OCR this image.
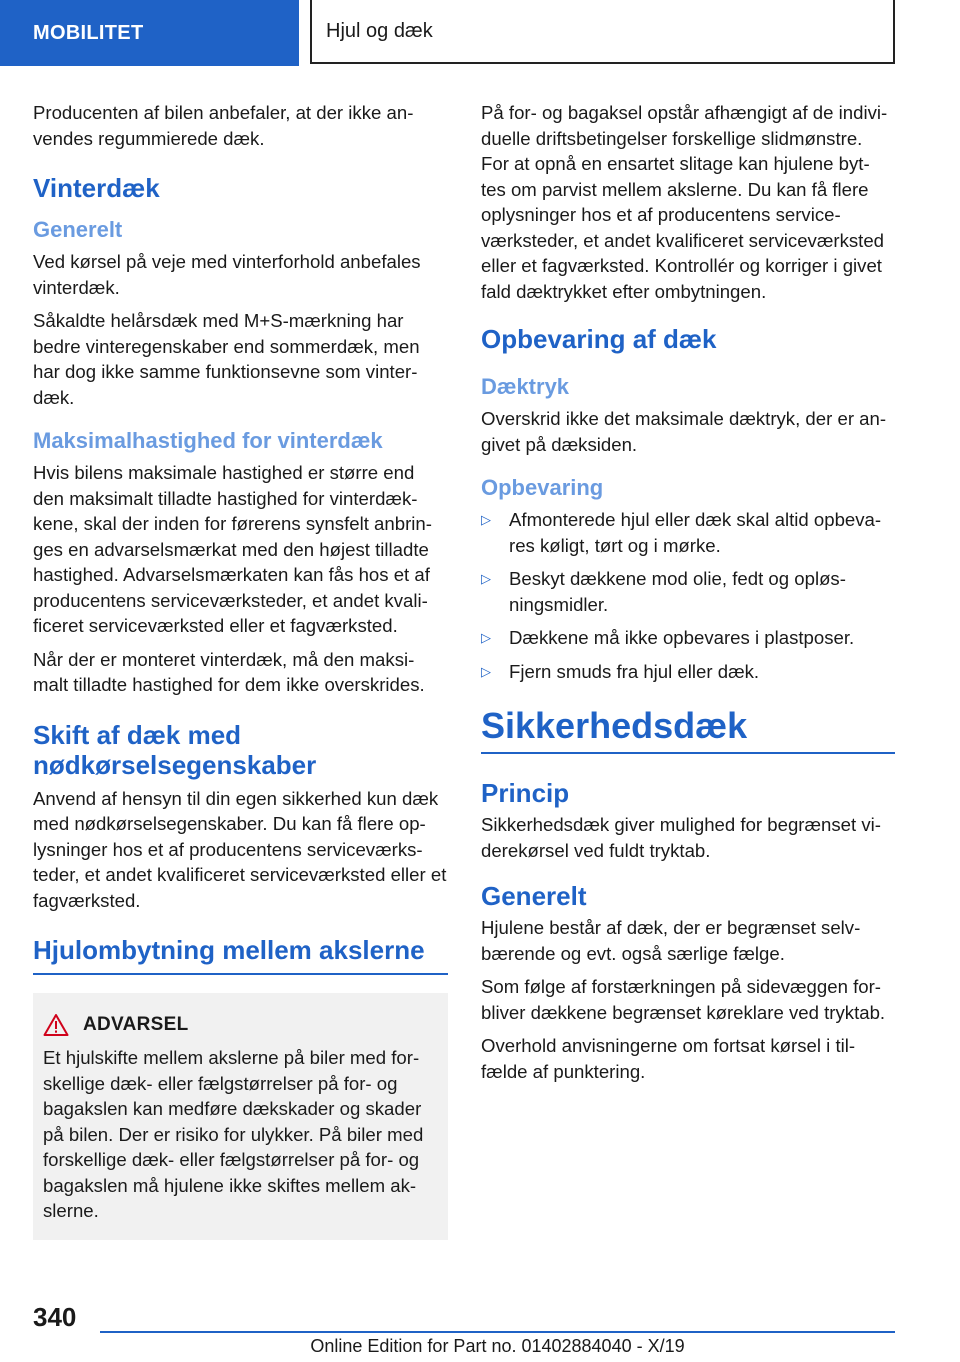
MOBILITET	Hjul og dæk

Producenten af bilen anbefaler, at der ikke an- vendes regummierede dæk.

Vinterdæk
Generelt

Ved kørsel på veje med vinterforhold anbefales vinterdæk.

Såkaldte helårsdæk med M+S-mærkning har bedre vinteregenskaber end sommerdæk, men har dog ikke samme funktionsevne som vinter- dæk.

Maksimalhastighed for vinterdæk

Hvis bilens maksimale hastighed er større end den maksimalt tilladte hastighed for vinterdæk- kene, skal der inden for førerens synsfelt anbrin- ges en advarselsmærkat med den højest tilladte hastighed. Advarselsmærkaten kan fås hos et af producentens serviceværksteder, et andet kvali- ficeret serviceværksted eller et fagværksted.

Når der er monteret vinterdæk, må den maksi- malt tilladte hastighed for dem ikke overskrides.

Skift af dæk med nødkørselsegenskaber

Anvend af hensyn til din egen sikkerhed kun dæk med nødkørselsegenskaber. Du kan få flere op- lysninger hos et af producentens serviceværks- teder, et andet kvalificeret serviceværksted eller et fagværksted.

Hjulombytning mellem akslerne
ADVARSEL

Et hjulskifte mellem akslerne på biler med for- skellige dæk- eller fælgstørrelser på for- og bagakslen kan medføre dækskader og skader på bilen. Der er risiko for ulykker. På biler med forskellige dæk- eller fælgstørrelser på for- og bagakslen må hjulene ikke skiftes mellem ak- slerne.

På for- og bagaksel opstår afhængigt af de indivi- duelle driftsbetingelser forskellige slidmønstre. For at opnå en ensartet slitage kan hjulene byt- tes om parvist mellem akslerne. Du kan få flere oplysninger hos et af producentens service- værksteder, et andet kvalificeret serviceværksted eller et fagværksted. Kontrollér og korriger i givet fald dæktrykket efter ombytningen.

Opbevaring af dæk
Dæktryk

Overskrid ikke det maksimale dæktryk, der er an- givet på dæksiden.

Opbevaring
▷ Afmonterede hjul eller dæk skal altid opbeva- res køligt, tørt og i mørke.
▷ Beskyt dækkene mod olie, fedt og opløs- ningsmidler.
▷ Dækkene må ikke opbevares i plastposer.
▷ Fjern smuds fra hjul eller dæk.
Sikkerhedsdæk
Princip

Sikkerhedsdæk giver mulighed for begrænset vi- derekørsel ved fuldt tryktab.

Generelt

Hjulene består af dæk, der er begrænset selv- bærende og evt. også særlige fælge.

Som følge af forstærkningen på sidevæggen for- bliver dækkene begrænset køreklare ved tryktab.

Overhold anvisningerne om fortsat kørsel i til- fælde af punktering.

340
Online Edition for Part no. 01402884040 - X/19
